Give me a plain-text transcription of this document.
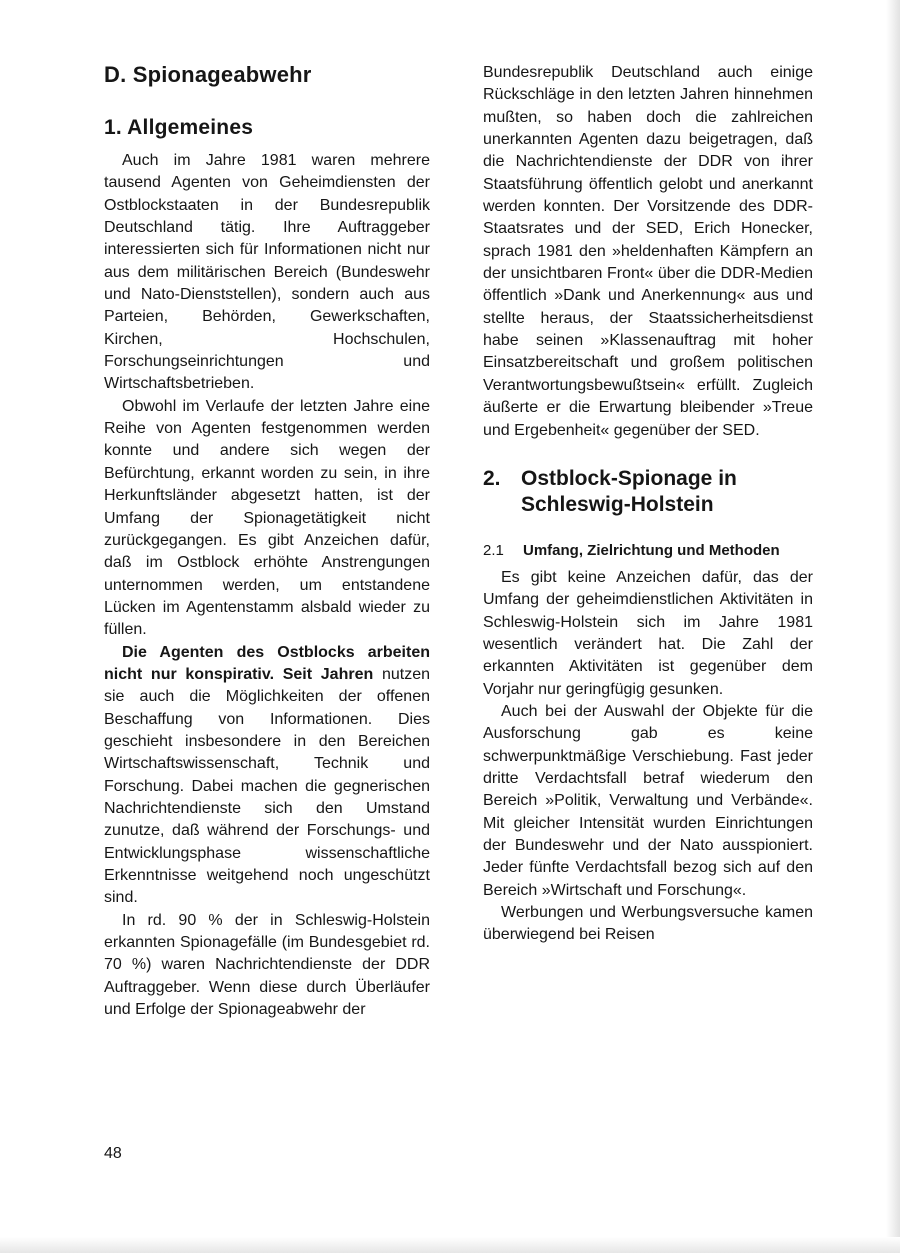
D. Spionageabwehr
1. Allgemeines

Auch im Jahre 1981 waren mehrere tausend Agenten von Geheimdiensten der Ostblockstaaten in der Bundesrepublik Deutschland tätig. Ihre Auftraggeber interessierten sich für Informationen nicht nur aus dem militärischen Bereich (Bundeswehr und Nato-Dienststellen), sondern auch aus Parteien, Behörden, Gewerkschaften, Kirchen, Hochschulen, Forschungseinrichtungen und Wirtschaftsbetrieben.

Obwohl im Verlaufe der letzten Jahre eine Reihe von Agenten festgenommen werden konnte und andere sich wegen der Befürchtung, erkannt worden zu sein, in ihre Herkunftsländer abgesetzt hatten, ist der Umfang der Spionagetätigkeit nicht zurückgegangen. Es gibt Anzeichen dafür, daß im Ostblock erhöhte Anstrengungen unternommen werden, um entstandene Lücken im Agentenstamm alsbald wieder zu füllen.

Die Agenten des Ostblocks arbeiten nicht nur konspirativ. Seit Jahren nutzen sie auch die Möglichkeiten der offenen Beschaffung von Informationen. Dies geschieht insbesondere in den Bereichen Wirtschaftswissenschaft, Technik und Forschung. Dabei machen die gegnerischen Nachrichtendienste sich den Umstand zunutze, daß während der Forschungs- und Entwicklungsphase wissenschaftliche Erkenntnisse weitgehend noch ungeschützt sind.

In rd. 90 % der in Schleswig-Holstein erkannten Spionagefälle (im Bundesgebiet rd. 70 %) waren Nachrichtendienste der DDR Auftraggeber. Wenn diese durch Überläufer und Erfolge der Spionageabwehr der

Bundesrepublik Deutschland auch einige Rückschläge in den letzten Jahren hinnehmen mußten, so haben doch die zahlreichen unerkannten Agenten dazu beigetragen, daß die Nachrichtendienste der DDR von ihrer Staatsführung öffentlich gelobt und anerkannt werden konnten. Der Vorsitzende des DDR-Staatsrates und der SED, Erich Honecker, sprach 1981 den »heldenhaften Kämpfern an der unsichtbaren Front« über die DDR-Medien öffentlich »Dank und Anerkennung« aus und stellte heraus, der Staatssicherheitsdienst habe seinen »Klassenauftrag mit hoher Einsatzbereitschaft und großem politischen Verantwortungsbewußtsein« erfüllt. Zugleich äußerte er die Erwartung bleibender »Treue und Ergebenheit« gegenüber der SED.

2. Ostblock-Spionage in Schleswig-Holstein
2.1	Umfang, Zielrichtung und Methoden

Es gibt keine Anzeichen dafür, das der Umfang der geheimdienstlichen Aktivitäten in Schleswig-Holstein sich im Jahre 1981 wesentlich verändert hat. Die Zahl der erkannten Aktivitäten ist gegenüber dem Vorjahr nur geringfügig gesunken.

Auch bei der Auswahl der Objekte für die Ausforschung gab es keine schwerpunktmäßige Verschiebung. Fast jeder dritte Verdachtsfall betraf wiederum den Bereich »Politik, Verwaltung und Verbände«. Mit gleicher Intensität wurden Einrichtungen der Bundeswehr und der Nato ausspioniert. Jeder fünfte Verdachtsfall bezog sich auf den Bereich »Wirtschaft und Forschung«.

Werbungen und Werbungsversuche kamen überwiegend bei Reisen

48
